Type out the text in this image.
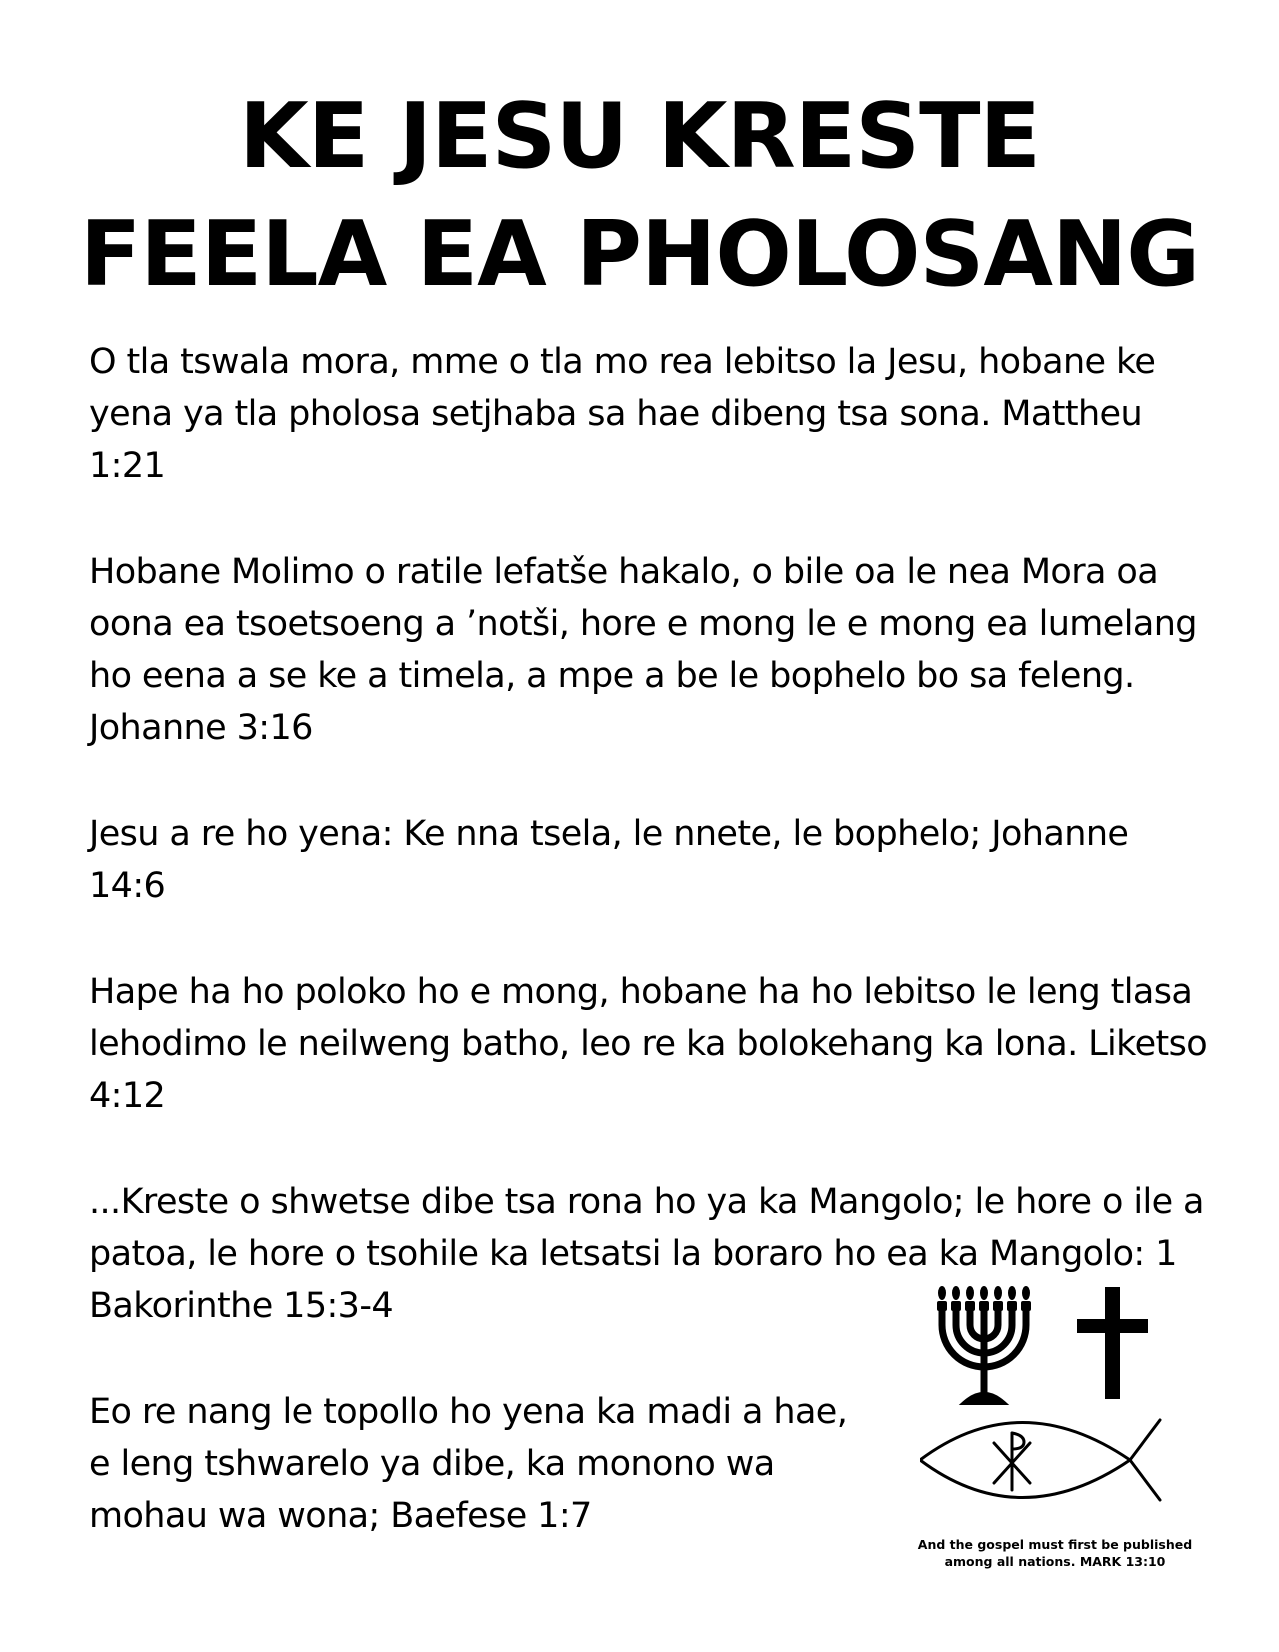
KE JESU KRESTE
FEELA EA PHOLOSANG

O tla tswala mora, mme o tla mo rea lebitso la Jesu, hobane ke yena ya tla pholosa setjhaba sa hae dibeng tsa sona. Mattheu 1:21

Hobane Molimo o ratile lefatše hakalo, o bile oa le nea Mora oa oona ea tsoetsoeng a ’notši, hore e mong le e mong ea lumelang ho eena a se ke a timela, a mpe a be le bophelo bo sa feleng. Johanne 3:16

Jesu a re ho yena: Ke nna tsela, le nnete, le bophelo; Johanne 14:6

Hape ha ho poloko ho e mong, hobane ha ho lebitso le leng tlasa lehodimo le neilweng batho, leo re ka bolokehang ka lona. Liketso 4:12

...Kreste o shwetse dibe tsa rona ho ya ka Mangolo; le hore o ile a patoa, le hore o tsohile ka letsatsi la boraro ho ea ka Mangolo: 1 Bakorinthe 15:3-4

Eo re nang le topollo ho yena ka madi a hae, e leng tshwarelo ya dibe, ka monono wa mohau wa wona; Baefese 1:7

And the gospel must first be published
among all nations. MARK 13:10
